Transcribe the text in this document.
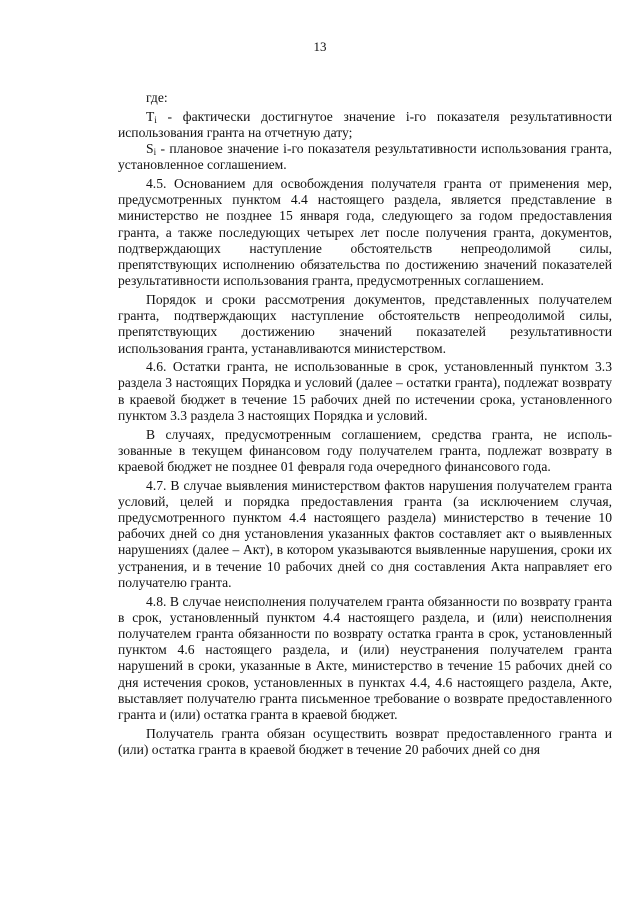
13

где:

$T_i$ - фактически достигнутое значение i-го показателя результативности использования гранта на отчетную дату;

$S_i$ - плановое значение i-го показателя результативности использования гранта, установленное соглашением.

4.5. Основанием для освобождения получателя гранта от применения мер, предусмотренных пунктом 4.4 настоящего раздела, является представление в министерство не позднее 15 января года, следующего за годом предоставления гранта, а также последующих четырех лет после получения гранта, документов, подтверждающих наступление обстоятельств непреодолимой силы, препятствующих исполнению обязательства по достижению значений показателей результативности использования гранта, предусмотренных соглашением.

Порядок и сроки рассмотрения документов, представленных получателем гранта, подтверждающих наступление обстоятельств непреодолимой силы, препятствующих достижению значений показателей результативности использования гранта, устанавливаются министерством.

4.6. Остатки гранта, не использованные в срок, установленный пунктом 3.3 раздела 3 настоящих Порядка и условий (далее – остатки гранта), подлежат возврату в краевой бюджет в течение 15 рабочих дней по истечении срока, установленного пунктом 3.3 раздела 3 настоящих Порядка и условий.

В случаях, предусмотренным соглашением, средства гранта, не использованные в текущем финансовом году получателем гранта, подлежат возврату в краевой бюджет не позднее 01 февраля года очередного финансового года.

4.7. В случае выявления министерством фактов нарушения получателем гранта условий, целей и порядка предоставления гранта (за исключением случая, предусмотренного пунктом 4.4 настоящего раздела) министерство в течение 10 рабочих дней со дня установления указанных фактов составляет акт о выявленных нарушениях (далее – Акт), в котором указываются выявленные нарушения, сроки их устранения, и в течение 10 рабочих дней со дня составления Акта направляет его получателю гранта.

4.8. В случае неисполнения получателем гранта обязанности по возврату гранта в срок, установленный пунктом 4.4 настоящего раздела, и (или) неисполнения получателем гранта обязанности по возврату остатка гранта в срок, установленный пунктом 4.6 настоящего раздела, и (или) неустранения получателем гранта нарушений в сроки, указанные в Акте, министерство в течение 15 рабочих дней со дня истечения сроков, установленных в пунктах 4.4, 4.6 настоящего раздела, Акте, выставляет получателю гранта письменное требование о возврате предоставленного гранта и (или) остатка гранта в краевой бюджет.

Получатель гранта обязан осуществить возврат предоставленного гранта и (или) остатка гранта в краевой бюджет в течение 20 рабочих дней со дня
